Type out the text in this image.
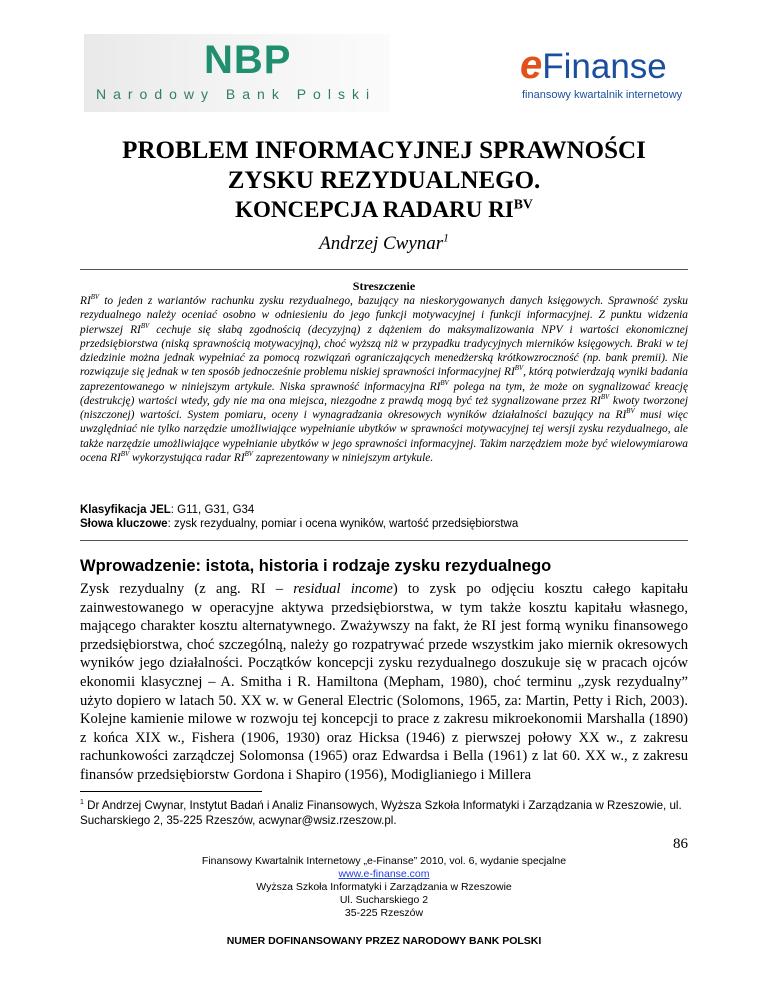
NBP
Narodowy Bank Polski
eFinanse
finansowy kwartalnik internetowy
PROBLEM INFORMACYJNEJ SPRAWNOŚCI
ZYSKU REZYDUALNEGO.
KONCEPCJA RADARU $RI^{BV}$
Andrzej Cwynar$^1$
Streszczenie

$RI^{BV}$ to jeden z wariantów rachunku zysku rezydualnego, bazujący na nieskorygowanych danych księgowych. Sprawność zysku rezydualnego należy oceniać osobno w odniesieniu do jego funkcji motywacyjnej i funkcji informacyjnej. Z punktu widzenia pierwszej $RI^{BV}$ cechuje się słabą zgodnością (decyzyjną) z dążeniem do maksymalizowania NPV i wartości ekonomicznej przedsiębiorstwa (niską sprawnością motywacyjną), choć wyższą niż w przypadku tradycyjnych mierników księgowych. Braki w tej dziedzinie można jednak wypełniać za pomocą rozwiązań ograniczających menedżerską krótkowzroczność (np. bank premii). Nie rozwiązuje się jednak w ten sposób jednocześnie problemu niskiej sprawności informacyjnej $RI^{BV}$, którą potwierdzają wyniki badania zaprezentowanego w niniejszym artykule. Niska sprawność informacyjna $RI^{BV}$ polega na tym, że może on sygnalizować kreację (destrukcję) wartości wtedy, gdy nie ma ona miejsca, niezgodne z prawdą mogą być też sygnalizowane przez $RI^{BV}$ kwoty tworzonej (niszczonej) wartości. System pomiaru, oceny i wynagradzania okresowych wyników działalności bazujący na $RI^{BV}$ musi więc uwzględniać nie tylko narzędzie umożliwiające wypełnianie ubytków w sprawności motywacyjnej tej wersji zysku rezydualnego, ale także narzędzie umożliwiające wypełnianie ubytków w jego sprawności informacyjnej. Takim narzędziem może być wielowymiarowa ocena $RI^{BV}$ wykorzystująca radar $RI^{BV}$ zaprezentowany w niniejszym artykule.

Klasyfikacja JEL: G11, G31, G34
Słowa kluczowe: zysk rezydualny, pomiar i ocena wyników, wartość przedsiębiorstwa
Wprowadzenie: istota, historia i rodzaje zysku rezydualnego

Zysk rezydualny (z ang. RI – residual income) to zysk po odjęciu kosztu całego kapitału zainwestowanego w operacyjne aktywa przedsiębiorstwa, w tym także kosztu kapitału własnego, mającego charakter kosztu alternatywnego. Zważywszy na fakt, że RI jest formą wyniku finansowego przedsiębiorstwa, choć szczególną, należy go rozpatrywać przede wszystkim jako miernik okresowych wyników jego działalności. Początków koncepcji zysku rezydualnego doszukuje się w pracach ojców ekonomii klasycznej – A. Smitha i R. Hamiltona (Mepham, 1980), choć terminu „zysk rezydualny” użyto dopiero w latach 50. XX w. w General Electric (Solomons, 1965, za: Martin, Petty i Rich, 2003). Kolejne kamienie milowe w rozwoju tej koncepcji to prace z zakresu mikroekonomii Marshalla (1890) z końca XIX w., Fishera (1906, 1930) oraz Hicksa (1946) z pierwszej połowy XX w., z zakresu rachunkowości zarządczej Solomonsa (1965) oraz Edwardsa i Bella (1961) z lat 60. XX w., z zakresu finansów przedsiębiorstw Gordona i Shapiro (1956), Modiglianiego i Millera

$^1$ Dr Andrzej Cwynar, Instytut Badań i Analiz Finansowych, Wyższa Szkoła Informatyki i Zarządzania w Rzeszowie, ul. Sucharskiego 2, 35-225 Rzeszów, acwynar@wsiz.rzeszow.pl.

86
Finansowy Kwartalnik Internetowy „e-Finanse” 2010, vol. 6, wydanie specjalne
www.e-finanse.com
Wyższa Szkoła Informatyki i Zarządzania w Rzeszowie
Ul. Sucharskiego 2
35-225 Rzeszów
NUMER DOFINANSOWANY PRZEZ NARODOWY BANK POLSKI
